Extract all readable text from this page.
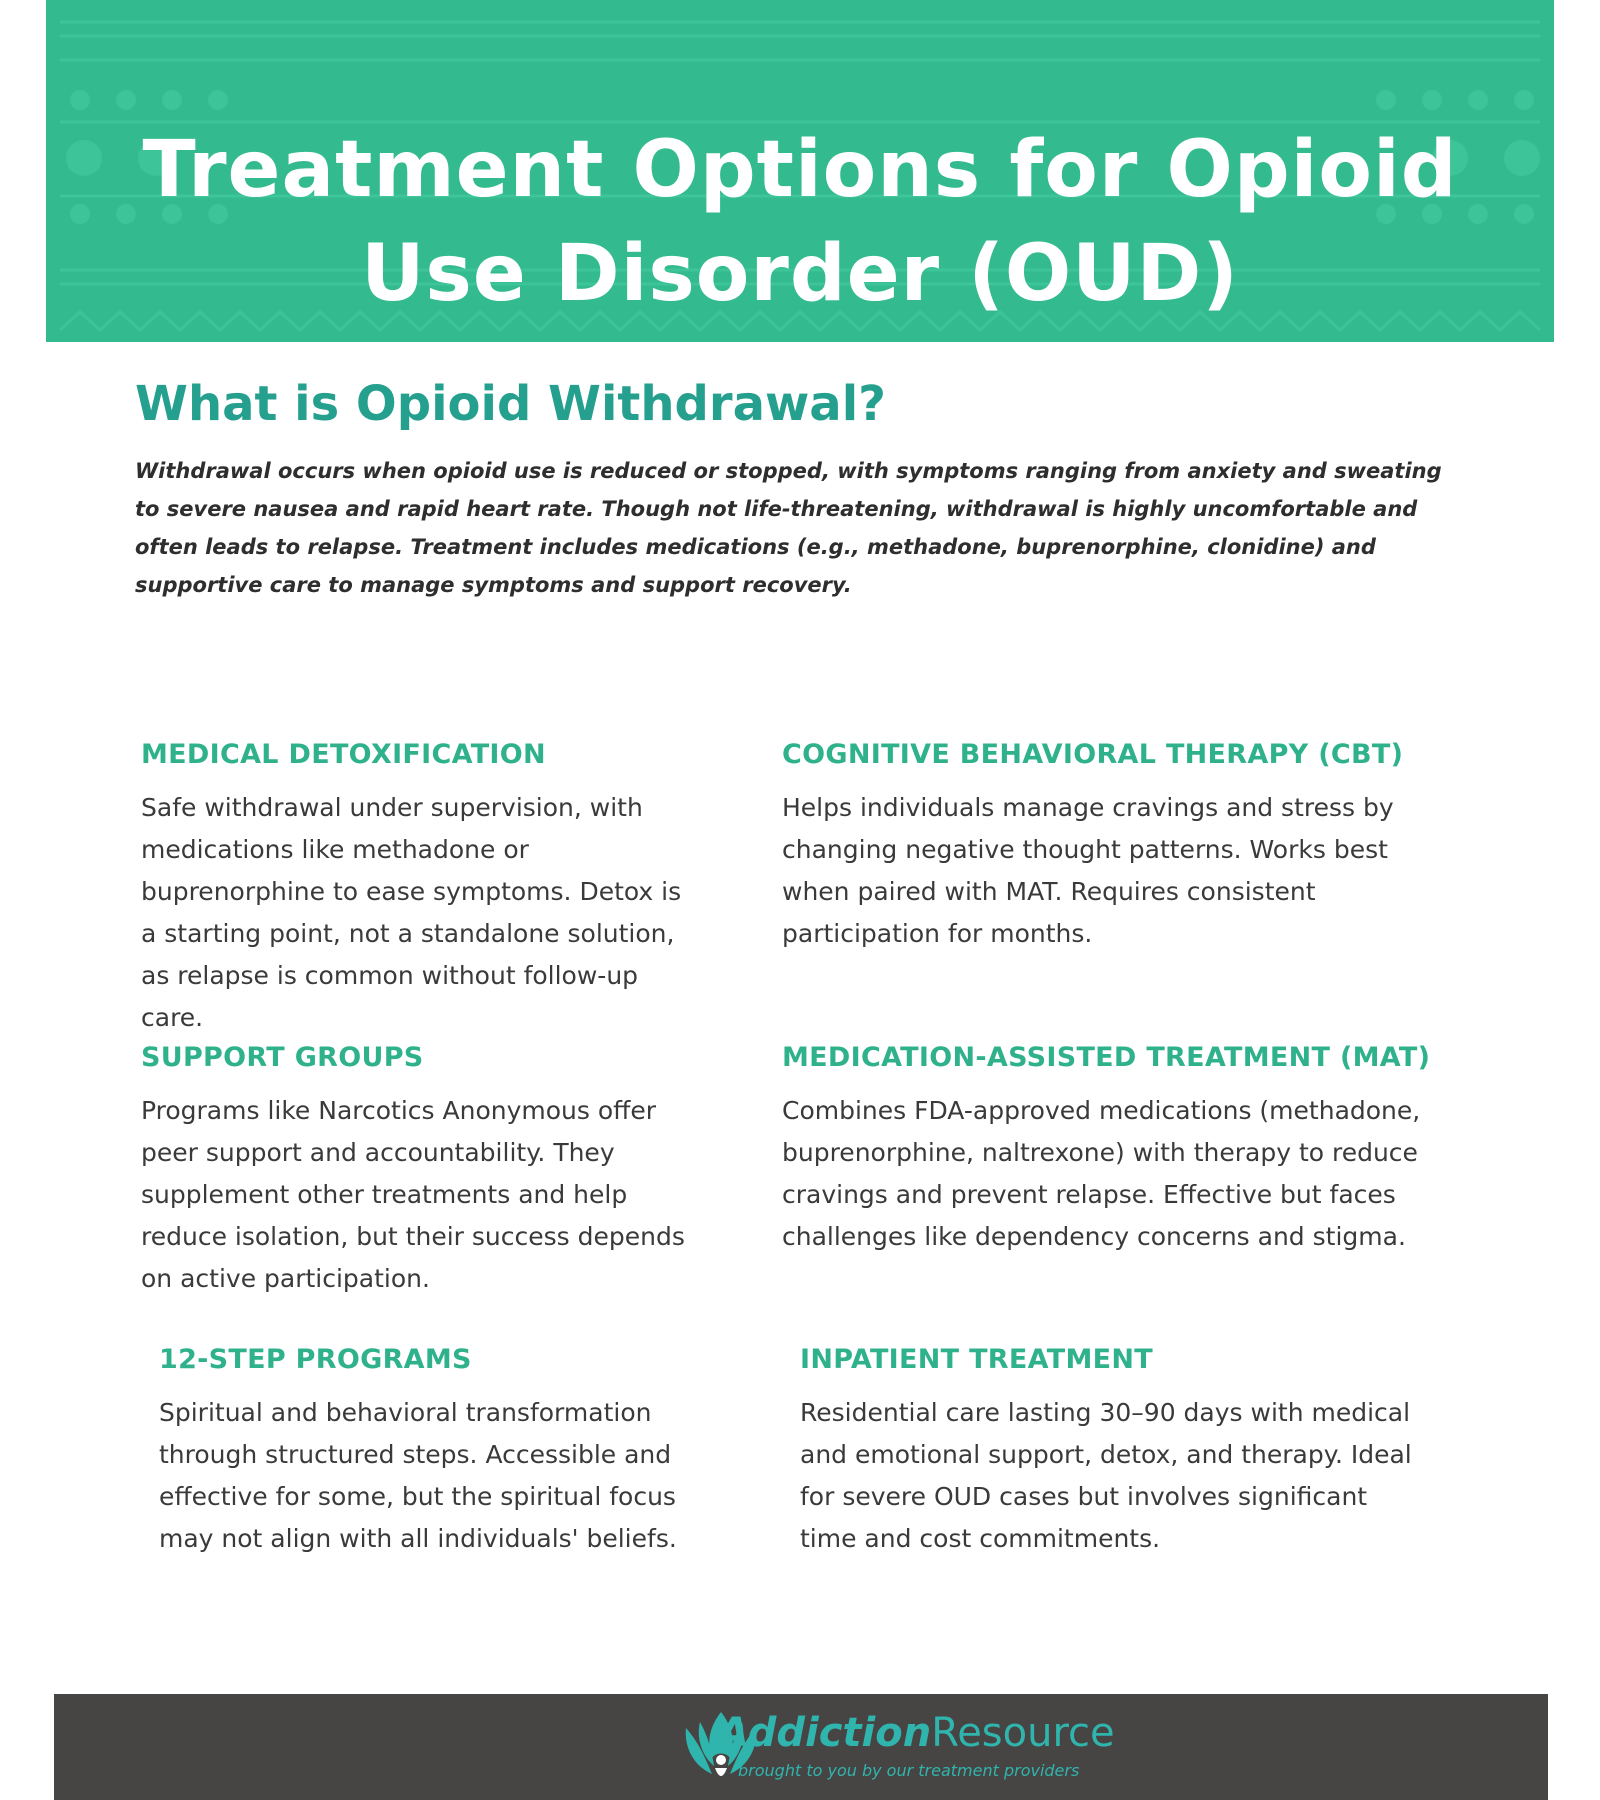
Treatment Options for Opioid
Use Disorder (OUD)
What is Opioid Withdrawal?

Withdrawal occurs when opioid use is reduced or stopped, with symptoms ranging from anxiety and sweating to severe nausea and rapid heart rate. Though not life-threatening, withdrawal is highly uncomfortable and often leads to relapse. Treatment includes medications (e.g., methadone, buprenorphine, clonidine) and supportive care to manage symptoms and support recovery.

MEDICAL DETOXIFICATION

Safe withdrawal under supervision, with medications like methadone or buprenorphine to ease symptoms. Detox is a starting point, not a standalone solution, as relapse is common without follow-up care.

COGNITIVE BEHAVIORAL THERAPY (CBT)

Helps individuals manage cravings and stress by changing negative thought patterns. Works best when paired with MAT. Requires consistent participation for months.

SUPPORT GROUPS

Programs like Narcotics Anonymous offer peer support and accountability. They supplement other treatments and help reduce isolation, but their success depends on active participation.

MEDICATION-ASSISTED TREATMENT (MAT)

Combines FDA-approved medications (methadone, buprenorphine, naltrexone) with therapy to reduce cravings and prevent relapse. Effective but faces challenges like dependency concerns and stigma.

12-STEP PROGRAMS

Spiritual and behavioral transformation through structured steps. Accessible and effective for some, but the spiritual focus may not align with all individuals' beliefs.

INPATIENT TREATMENT

Residential care lasting 30–90 days with medical and emotional support, detox, and therapy. Ideal for severe OUD cases but involves significant time and cost commitments.

AddictionResource

brought to you by our treatment providers
